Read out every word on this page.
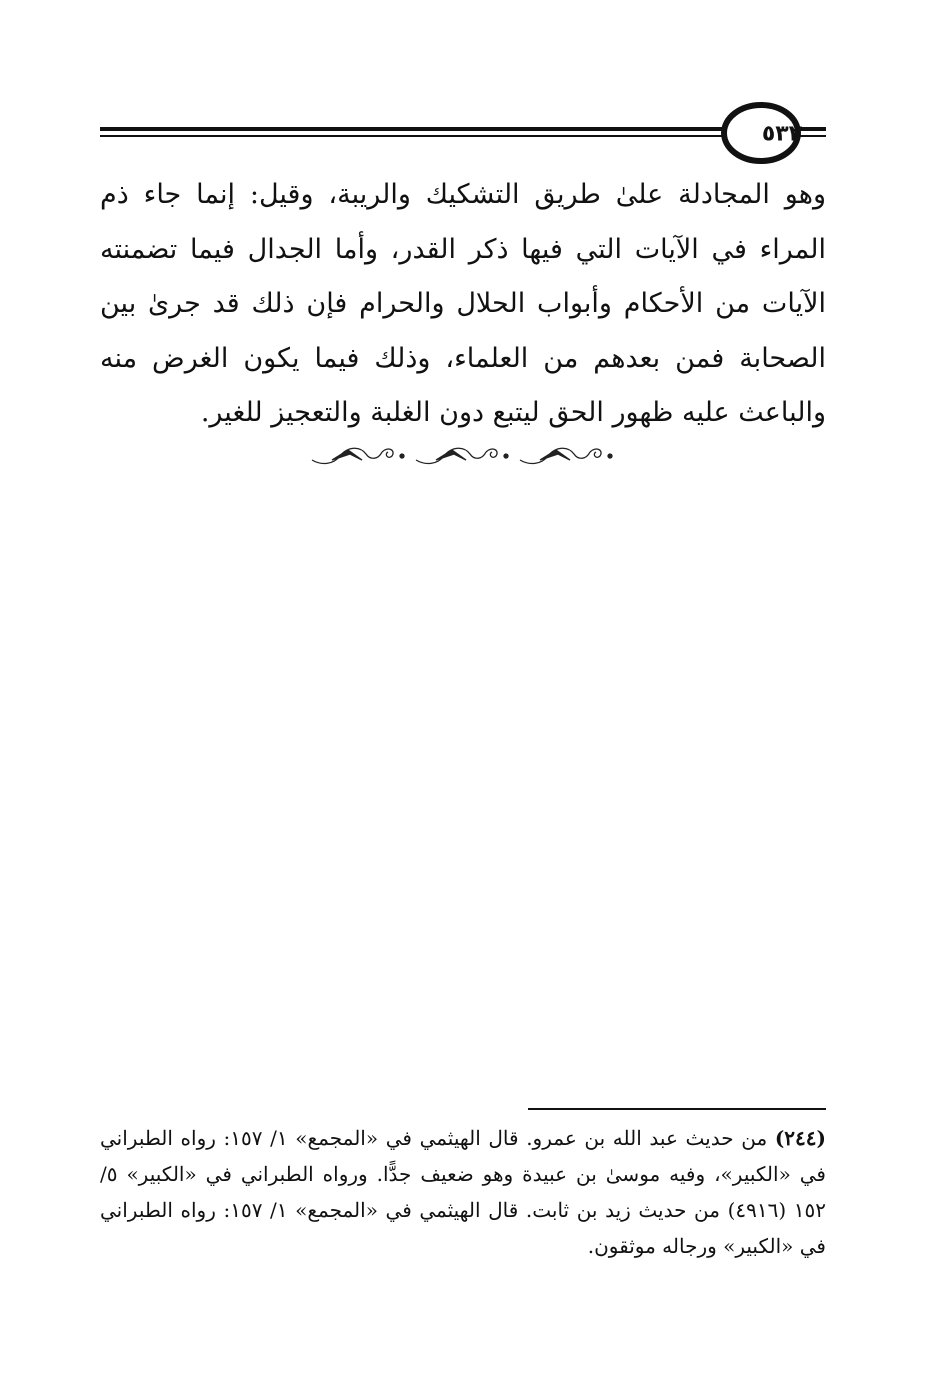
٥٣٢

وهو المجادلة علىٰ طريق التشكيك والريبة، وقيل: إنما جاء ذم المراء في الآيات التي فيها ذكر القدر، وأما الجدال فيما تضمنته الآيات من الأحكام وأبواب الحلال والحرام فإن ذلك قد جرىٰ بين الصحابة فمن بعدهم من العلماء، وذلك فيما يكون الغرض منه والباعث عليه ظهور الحق ليتبع دون الغلبة والتعجيز للغير.

(٢٤٤) من حديث عبد الله بن عمرو. قال الهيثمي في «المجمع» ١/ ١٥٧: رواه الطبراني في «الكبير»، وفيه موسىٰ بن عبيدة وهو ضعيف جدًّا. ورواه الطبراني في «الكبير» ٥/ ١٥٢ (٤٩١٦) من حديث زيد بن ثابت. قال الهيثمي في «المجمع» ١/ ١٥٧: رواه الطبراني في «الكبير» ورجاله موثقون.
